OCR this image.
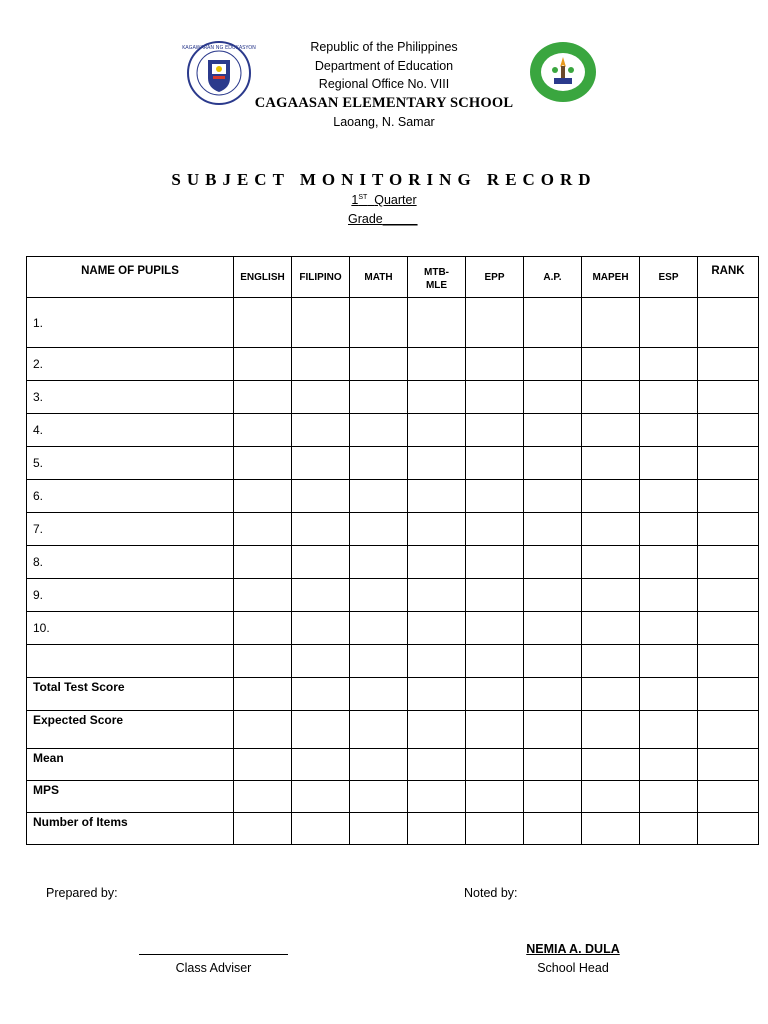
KAGAWARAN NG EDUKASYON	Republic of the Philippines
Department of Education
Regional Office No. VIII
CAGAASAN ELEMENTARY SCHOOL
Laoang, N. Samar
SUBJECT MONITORING RECORD
1ST Quarter
Grade_____
NAME OF PUPILS	ENGLISH	FILIPINO	MATH	MTB-MLE	EPP	A.P.	MAPEH	ESP	RANK
1.									
2.									
3.									
4.									
5.									
6.									
7.									
8.									
9.									
10.									

Total Test Score									
Expected Score									
Mean									
MPS									
Number of Items									
Prepared by:	Noted by:
Class Adviser
NEMIA A. DULA
School Head
